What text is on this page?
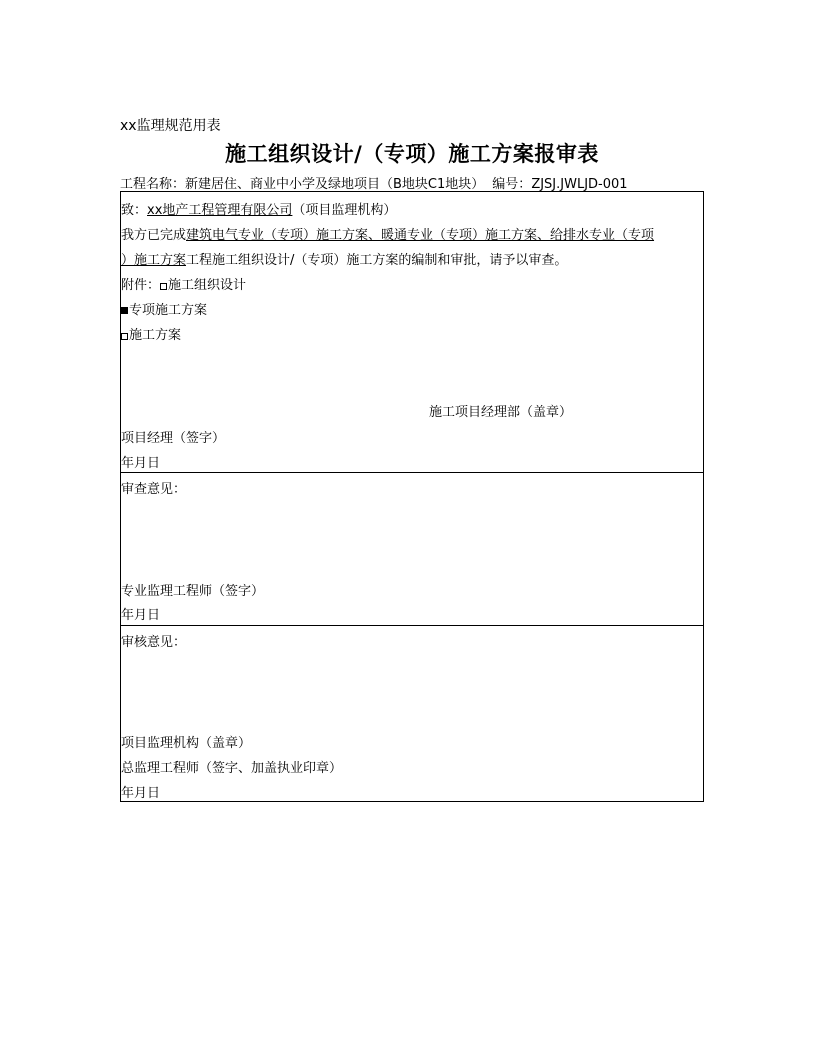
xx监理规范用表
施工组织设计/（专项）施工方案报审表
工程名称：新建居住、商业中小学及绿地项目（B地块C1地块） 编号：ZJSJ.JWLJD-001
致：xx地产工程管理有限公司（项目监理机构）
我方已完成建筑电气专业（专项）施工方案、暖通专业（专项）施工方案、给排水专业（专项
）施工方案工程施工组织设计/（专项）施工方案的编制和审批，请予以审查。
附件： 施工组织设计
专项施工方案
施工方案
施工项目经理部（盖章）
项目经理（签字）
年月日
审查意见：
专业监理工程师（签字）
年月日
审核意见：
项目监理机构（盖章）
总监理工程师（签字、加盖执业印章）
年月日
